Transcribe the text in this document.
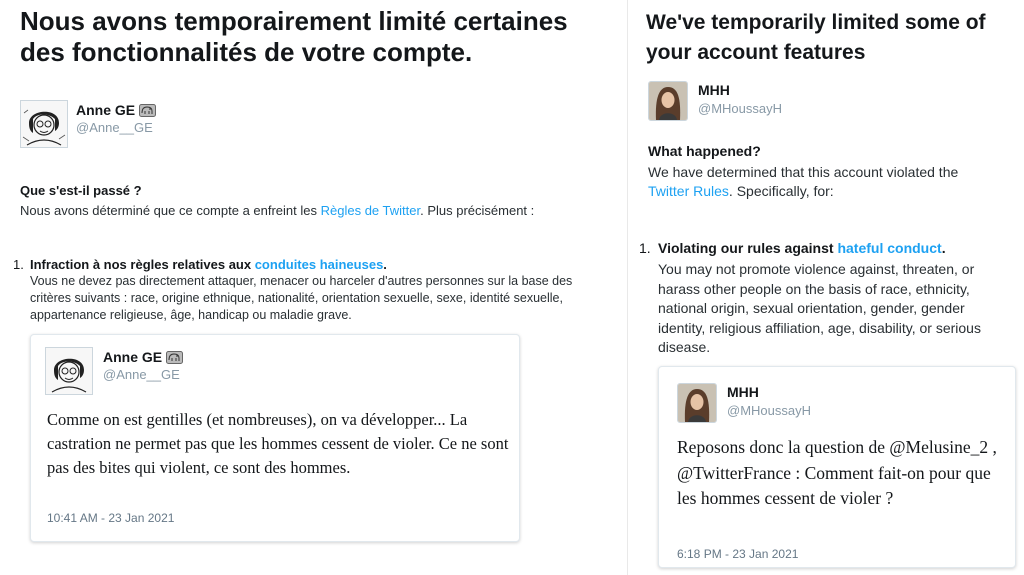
Nous avons temporairement limité certaines des fonctionnalités de votre compte.
Anne GE
@Anne__GE
Que s'est-il passé ?
Nous avons déterminé que ce compte a enfreint les Règles de Twitter. Plus précisément :
1. Infraction à nos règles relatives aux conduites haineuses.
Vous ne devez pas directement attaquer, menacer ou harceler d'autres personnes sur la base des critères suivants : race, origine ethnique, nationalité, orientation sexuelle, sexe, identité sexuelle, appartenance religieuse, âge, handicap ou maladie grave.
Anne GE
@Anne__GE
Comme on est gentilles (et nombreuses), on va développer... La castration ne permet pas que les hommes cessent de violer. Ce ne sont pas des bites qui violent, ce sont des hommes.
10:41 AM - 23 Jan 2021
We've temporarily limited some of your account features
MHH
@MHoussayH
What happened?
We have determined that this account violated the Twitter Rules. Specifically, for:
1. Violating our rules against hateful conduct.
You may not promote violence against, threaten, or harass other people on the basis of race, ethnicity, national origin, sexual orientation, gender, gender identity, religious affiliation, age, disability, or serious disease.
MHH
@MHoussayH
Reposons donc la question de @Melusine_2 , @TwitterFrance : Comment fait-on pour que les hommes cessent de violer ?
6:18 PM - 23 Jan 2021
